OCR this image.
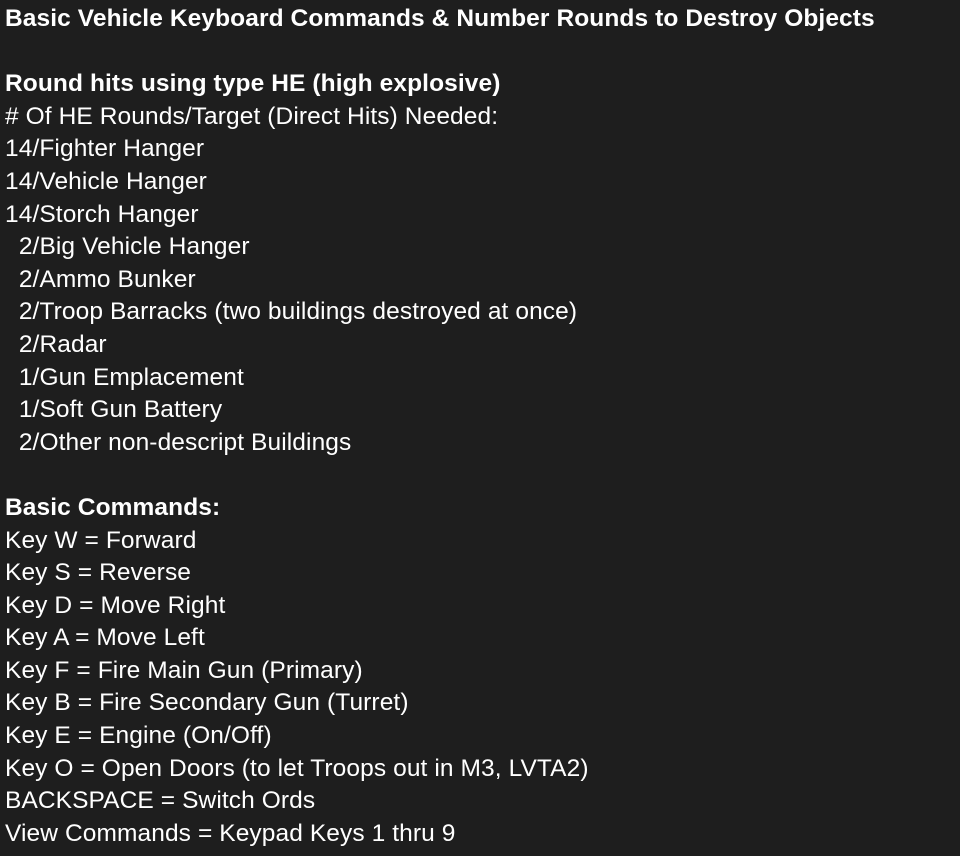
Basic Vehicle Keyboard Commands & Number Rounds to Destroy Objects
Round hits using type HE (high explosive)
# Of HE Rounds/Target (Direct Hits) Needed:
14/Fighter Hanger
14/Vehicle Hanger
14/Storch Hanger
2/Big Vehicle Hanger
2/Ammo Bunker
2/Troop Barracks (two buildings destroyed at once)
2/Radar
1/Gun Emplacement
1/Soft Gun Battery
2/Other non-descript Buildings
Basic Commands:
Key W = Forward
Key S = Reverse
Key D = Move Right
Key A = Move Left
Key F = Fire Main Gun (Primary)
Key B = Fire Secondary Gun (Turret)
Key E = Engine (On/Off)
Key O = Open Doors (to let Troops out in M3, LVTA2)
BACKSPACE = Switch Ords
View Commands = Keypad Keys 1 thru 9
